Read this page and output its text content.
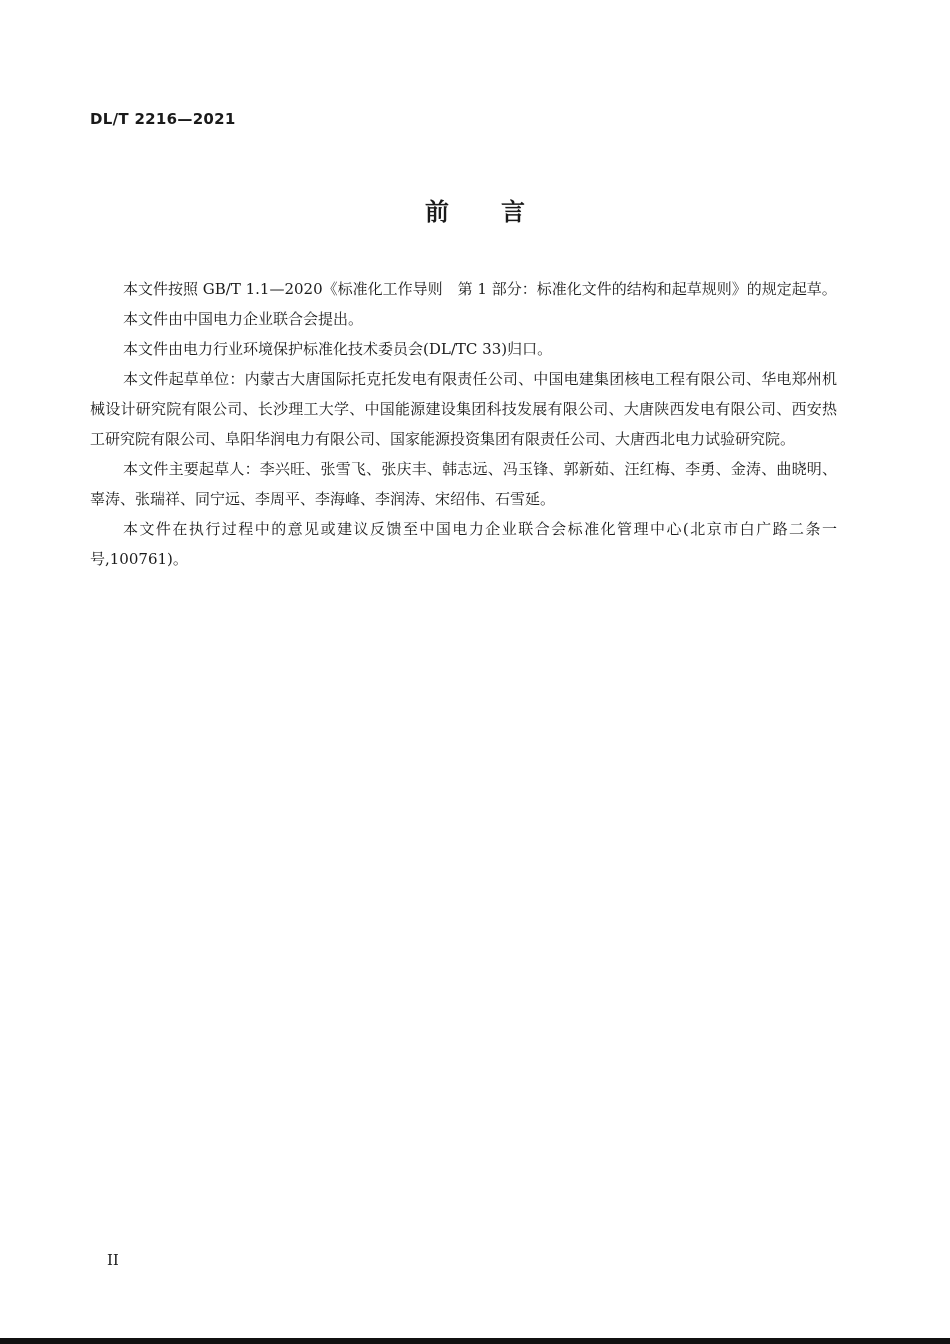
DL/T 2216—2021
前 言

本文件按照 GB/T 1.1—2020《标准化工作导则　第 1 部分：标准化文件的结构和起草规则》的规定起草。

本文件由中国电力企业联合会提出。

本文件由电力行业环境保护标准化技术委员会(DL/TC 33)归口。

本文件起草单位：内蒙古大唐国际托克托发电有限责任公司、中国电建集团核电工程有限公司、华电郑州机械设计研究院有限公司、长沙理工大学、中国能源建设集团科技发展有限公司、大唐陕西发电有限公司、西安热工研究院有限公司、阜阳华润电力有限公司、国家能源投资集团有限责任公司、大唐西北电力试验研究院。

本文件主要起草人：李兴旺、张雪飞、张庆丰、韩志远、冯玉锋、郭新茹、汪红梅、李勇、金涛、曲晓明、辜涛、张瑞祥、同宁远、李周平、李海峰、李润涛、宋绍伟、石雪延。

本文件在执行过程中的意见或建议反馈至中国电力企业联合会标准化管理中心(北京市白广路二条一号,100761)。

II
